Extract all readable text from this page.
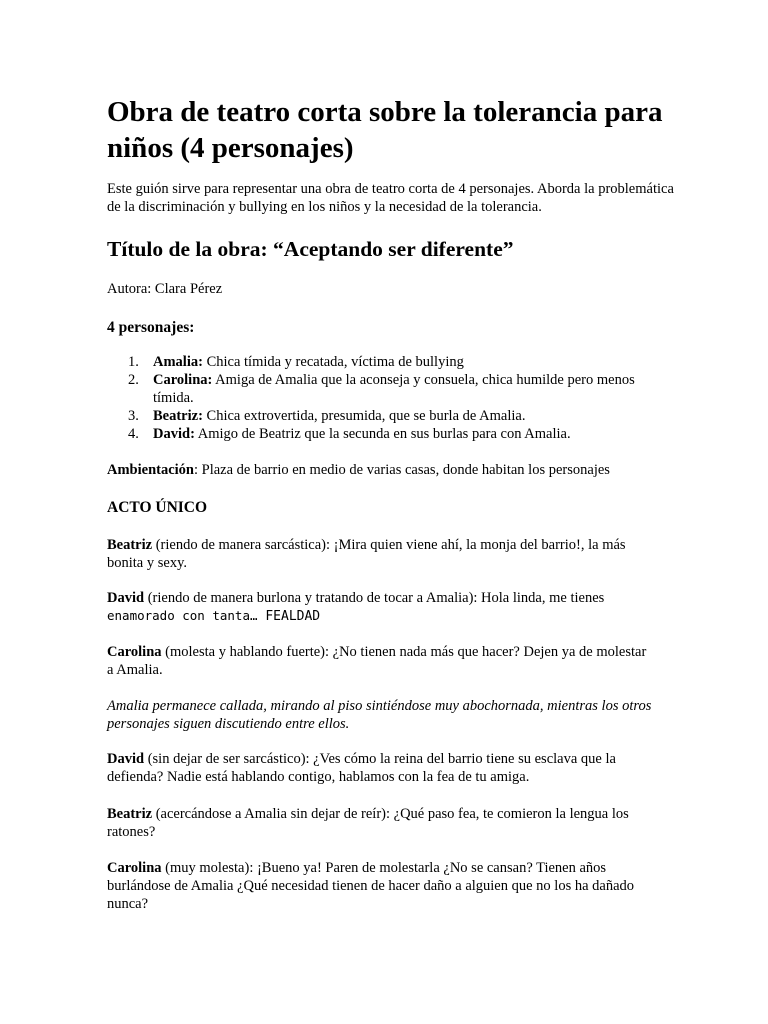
Obra de teatro corta sobre la tolerancia para niños (4 personajes)

Este guión sirve para representar una obra de teatro corta de 4 personajes. Aborda la problemática de la discriminación y bullying en los niños y la necesidad de la tolerancia.

Título de la obra: “Aceptando ser diferente”

Autora: Clara Pérez

4 personajes:
1. Amalia: Chica tímida y recatada, víctima de bullying
2. Carolina: Amiga de Amalia que la aconseja y consuela, chica humilde pero menos tímida.
3. Beatriz: Chica extrovertida, presumida, que se burla de Amalia.
4. David: Amigo de Beatriz que la secunda en sus burlas para con Amalia.

Ambientación: Plaza de barrio en medio de varias casas, donde habitan los personajes

ACTO ÚNICO

Beatriz (riendo de manera sarcástica): ¡Mira quien viene ahí, la monja del barrio!, la más bonita y sexy.

David (riendo de manera burlona y tratando de tocar a Amalia): Hola linda, me tienes enamorado con tanta… FEALDAD

Carolina (molesta y hablando fuerte): ¿No tienen nada más que hacer? Dejen ya de molestar a Amalia.

Amalia permanece callada, mirando al piso sintiéndose muy abochornada, mientras los otros personajes siguen discutiendo entre ellos.

David (sin dejar de ser sarcástico): ¿Ves cómo la reina del barrio tiene su esclava que la defienda? Nadie está hablando contigo, hablamos con la fea de tu amiga.

Beatriz (acercándose a Amalia sin dejar de reír): ¿Qué paso fea, te comieron la lengua los ratones?

Carolina (muy molesta): ¡Bueno ya! Paren de molestarla ¿No se cansan? Tienen años burlándose de Amalia ¿Qué necesidad tienen de hacer daño a alguien que no los ha dañado nunca?
